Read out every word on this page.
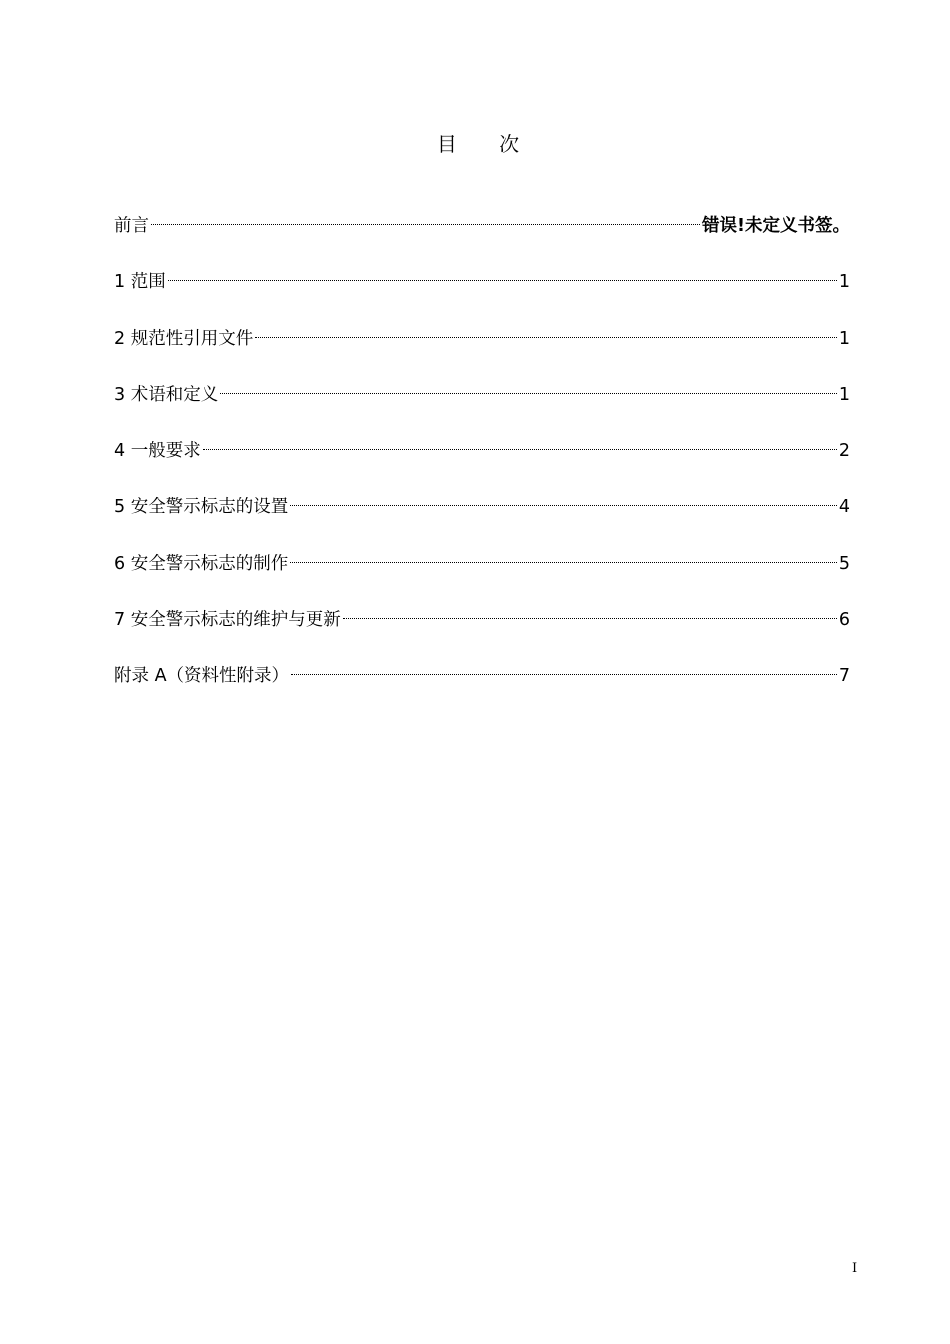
目 次
前言	错误!未定义书签。
1 范围	1
2 规范性引用文件	1
3 术语和定义	1
4 一般要求	2
5 安全警示标志的设置	4
6 安全警示标志的制作	5
7 安全警示标志的维护与更新	6
附录 A（资料性附录）	7
I
